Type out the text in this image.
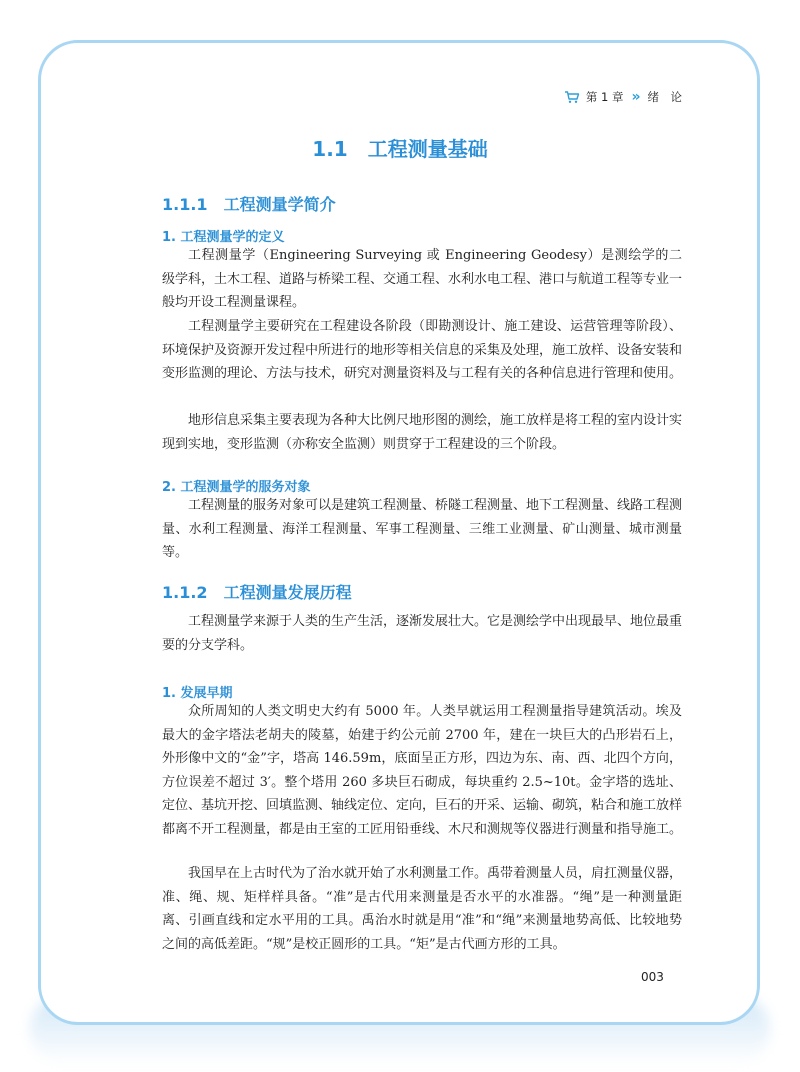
第 1 章 » 绪　论
1.1　工程测量基础
1.1.1 工程测量学简介
1. 工程测量学的定义

工程测量学（Engineering Surveying 或 Engineering Geodesy）是测绘学的二级学科，土木工程、道路与桥梁工程、交通工程、水利水电工程、港口与航道工程等专业一般均开设工程测量课程。

工程测量学主要研究在工程建设各阶段（即勘测设计、施工建设、运营管理等阶段）、环境保护及资源开发过程中所进行的地形等相关信息的采集及处理，施工放样、设备安装和变形监测的理论、方法与技术，研究对测量资料及与工程有关的各种信息进行管理和使用。

地形信息采集主要表现为各种大比例尺地形图的测绘，施工放样是将工程的室内设计实现到实地，变形监测（亦称安全监测）则贯穿于工程建设的三个阶段。

2. 工程测量学的服务对象

工程测量的服务对象可以是建筑工程测量、桥隧工程测量、地下工程测量、线路工程测量、水利工程测量、海洋工程测量、军事工程测量、三维工业测量、矿山测量、城市测量等。

1.1.2 工程测量发展历程

工程测量学来源于人类的生产生活，逐渐发展壮大。它是测绘学中出现最早、地位最重要的分支学科。

1. 发展早期

众所周知的人类文明史大约有 5000 年。人类早就运用工程测量指导建筑活动。埃及最大的金字塔法老胡夫的陵墓，始建于约公元前 2700 年，建在一块巨大的凸形岩石上，外形像中文的“金”字，塔高 146.59m，底面呈正方形，四边为东、南、西、北四个方向，方位误差不超过 3′。整个塔用 260 多块巨石砌成，每块重约 2.5~10t。金字塔的选址、定位、基坑开挖、回填监测、轴线定位、定向，巨石的开采、运输、砌筑，粘合和施工放样都离不开工程测量，都是由王室的工匠用铅垂线、木尺和测规等仪器进行测量和指导施工。

我国早在上古时代为了治水就开始了水利测量工作。禹带着测量人员，肩扛测量仪器，准、绳、规、矩样样具备。“准”是古代用来测量是否水平的水准器。“绳”是一种测量距离、引画直线和定水平用的工具。禹治水时就是用“准”和“绳”来测量地势高低、比较地势之间的高低差距。“规”是校正圆形的工具。“矩”是古代画方形的工具。

003
